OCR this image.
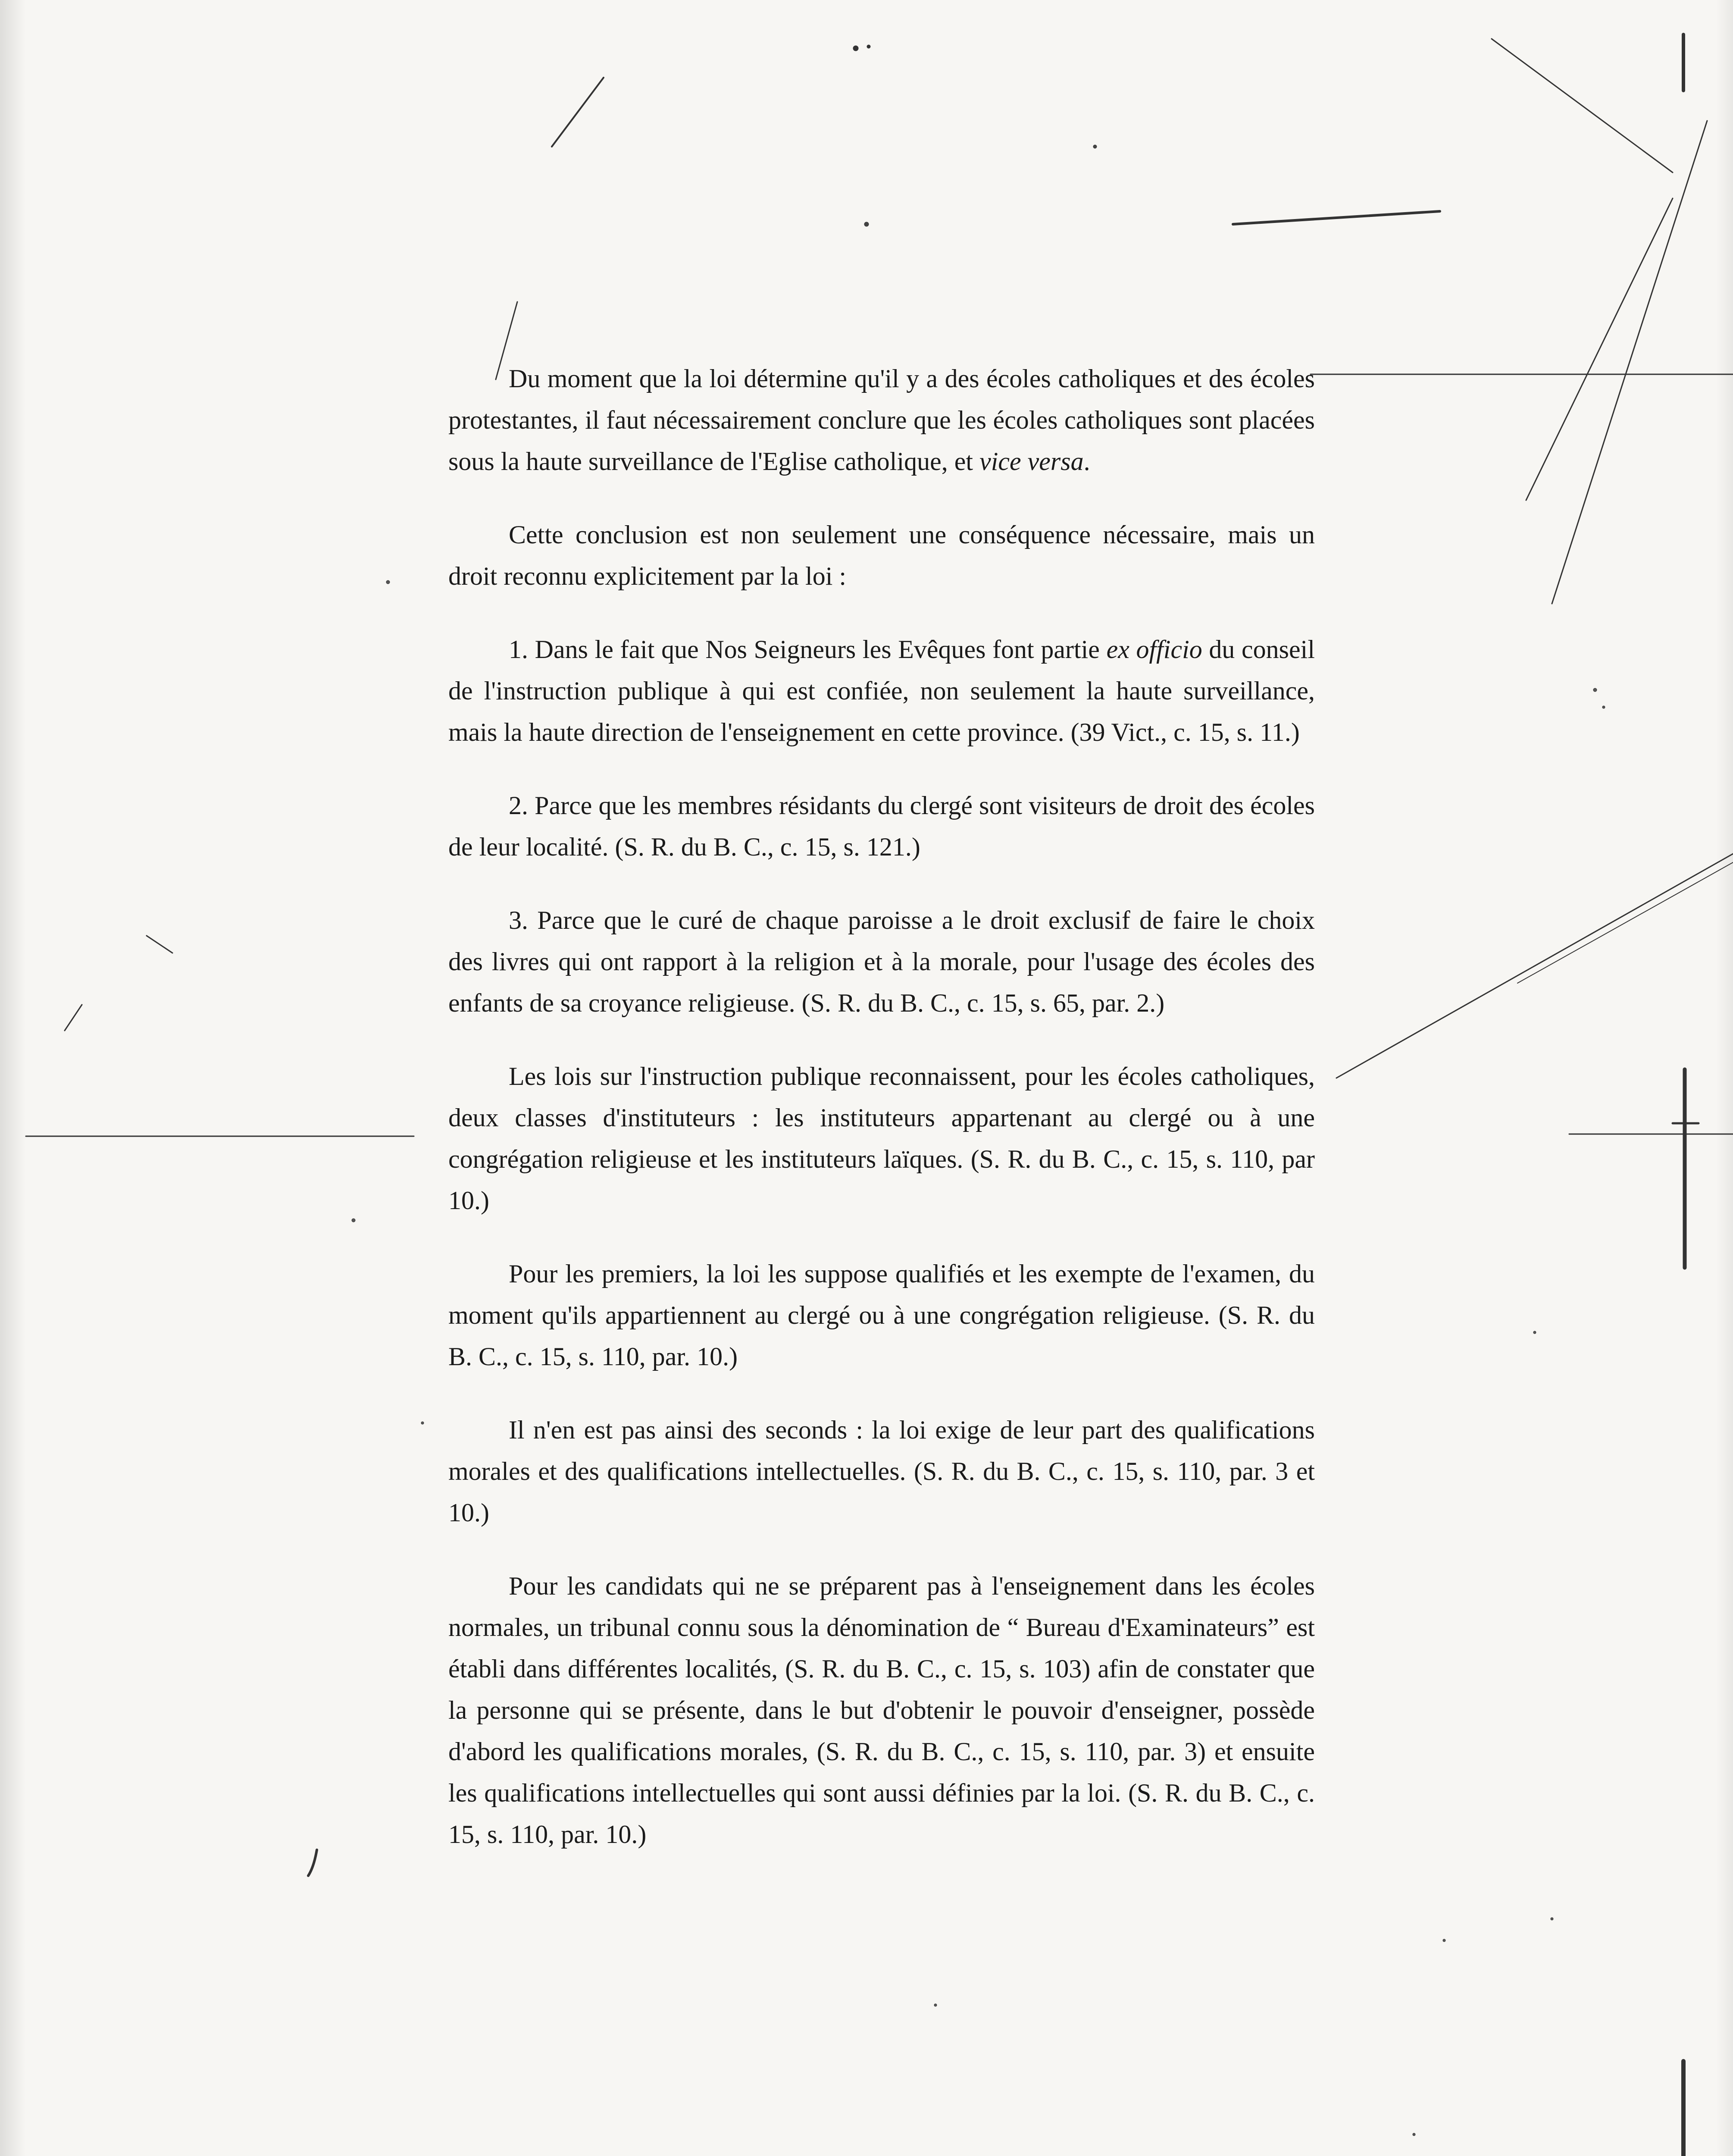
Du moment que la loi détermine qu'il y a des écoles catholiques et des écoles protestantes, il faut nécessairement conclure que les écoles catholiques sont placées sous la haute surveillance de l'Eglise catholique, et vice versa.

Cette conclusion est non seulement une conséquence nécessaire, mais un droit reconnu explicitement par la loi :

1. Dans le fait que Nos Seigneurs les Evêques font partie ex officio du conseil de l'instruction publique à qui est confiée, non seulement la haute surveillance, mais la haute direction de l'enseignement en cette province. (39 Vict., c. 15, s. 11.)

2. Parce que les membres résidants du clergé sont visiteurs de droit des écoles de leur localité. (S. R. du B. C., c. 15, s. 121.)

3. Parce que le curé de chaque paroisse a le droit exclusif de faire le choix des livres qui ont rapport à la religion et à la morale, pour l'usage des écoles des enfants de sa croyance religieuse. (S. R. du B. C., c. 15, s. 65, par. 2.)

Les lois sur l'instruction publique reconnaissent, pour les écoles catholiques, deux classes d'instituteurs : les instituteurs appartenant au clergé ou à une congrégation religieuse et les instituteurs laïques. (S. R. du B. C., c. 15, s. 110, par 10.)

Pour les premiers, la loi les suppose qualifiés et les exempte de l'examen, du moment qu'ils appartiennent au clergé ou à une congrégation religieuse. (S. R. du B. C., c. 15, s. 110, par. 10.)

Il n'en est pas ainsi des seconds : la loi exige de leur part des qualifications morales et des qualifications intellectuelles. (S. R. du B. C., c. 15, s. 110, par. 3 et 10.)

Pour les candidats qui ne se préparent pas à l'enseignement dans les écoles normales, un tribunal connu sous la dénomination de “ Bureau d'Examinateurs” est établi dans différentes localités, (S. R. du B. C., c. 15, s. 103) afin de constater que la personne qui se présente, dans le but d'obtenir le pouvoir d'enseigner, possède d'abord les qualifications morales, (S. R. du B. C., c. 15, s. 110, par. 3) et ensuite les qualifications intellectuelles qui sont aussi définies par la loi. (S. R. du B. C., c. 15, s. 110, par. 10.)
